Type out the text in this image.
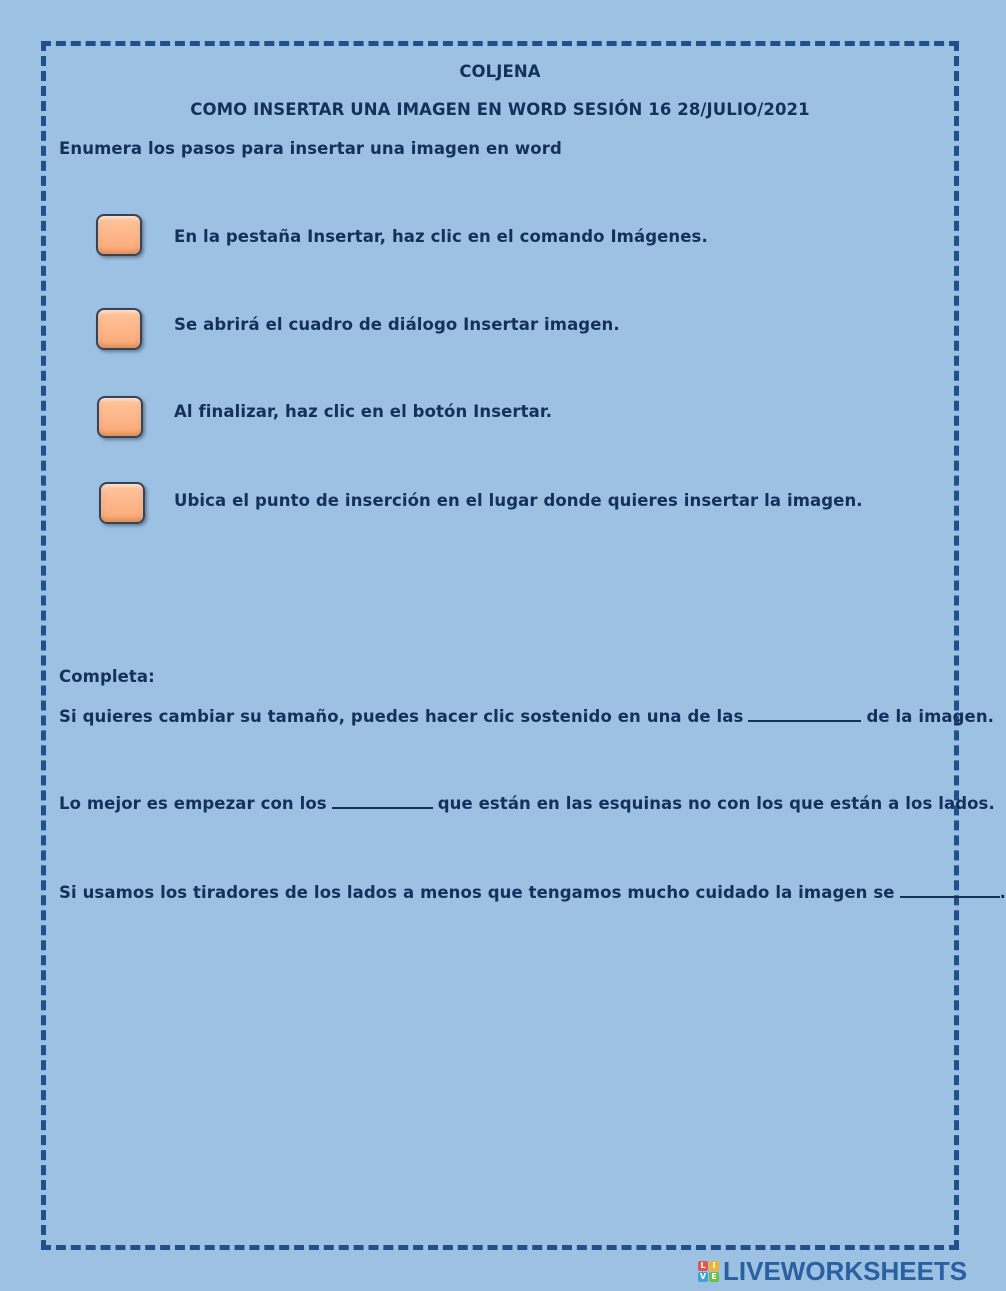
COLJENA
COMO INSERTAR UNA IMAGEN EN WORD SESIÓN 16 28/JULIO/2021
Enumera los pasos para insertar una imagen en word
En la pestaña Insertar, haz clic en el comando Imágenes.
Se abrirá el cuadro de diálogo Insertar imagen.
Al finalizar, haz clic en el botón Insertar.
Ubica el punto de inserción en el lugar donde quieres insertar la imagen.
Completa:
Si quieres cambiar su tamaño, puedes hacer clic sostenido en una de las	de la imagen.
Lo mejor es empezar con los	que están en las esquinas no con los que están a los lados.
Si usamos los tiradores de los lados a menos que tengamos mucho cuidado la imagen se	.
L I
V E LIVEWORKSHEETS
